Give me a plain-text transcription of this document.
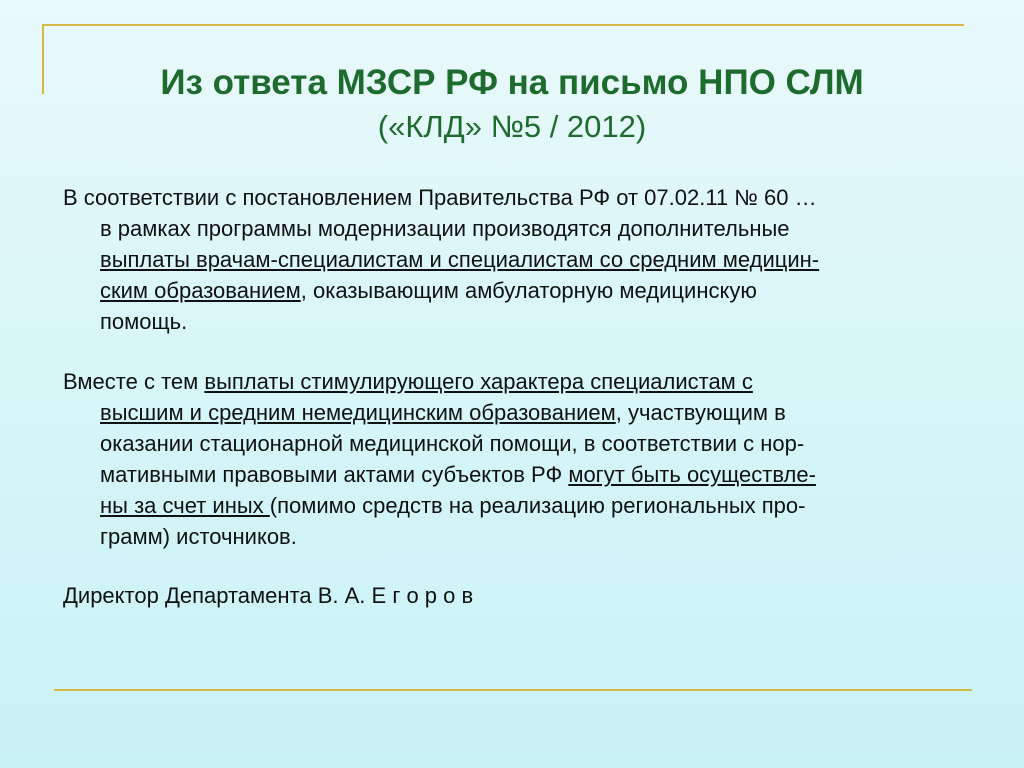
Из ответа МЗСР РФ на письмо НПО СЛМ
(«КЛД» №5 / 2012)
В соответствии с постановлением Правительства РФ от 07.02.11 № 60 …
в рамках программы модернизации производятся дополнительные
выплаты врачам-специалистам и специалистам со средним медицин-
ским образованием, оказывающим амбулаторную медицинскую
помощь.
Вместе с тем выплаты стимулирующего характера специалистам с
высшим и средним немедицинским образованием, участвующим в
оказании стационарной медицинской помощи, в соответствии с нор-
мативными правовыми актами субъектов РФ могут быть осуществле-
ны за счет иных (помимо средств на реализацию региональных про-
грамм) источников.
Директор Департамента В. А. Е г о р о в
